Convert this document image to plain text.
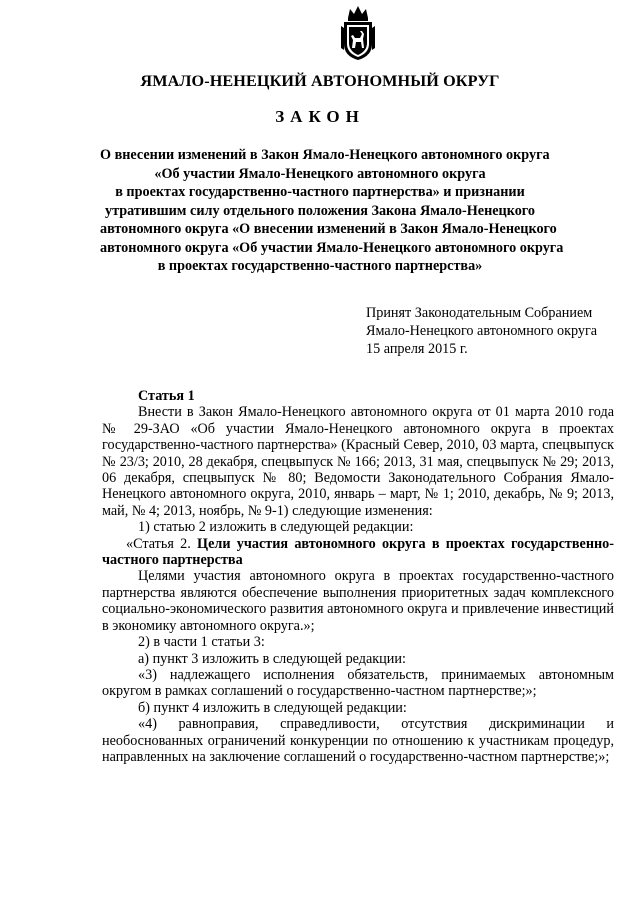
ЯМАЛО-НЕНЕЦКИЙ АВТОНОМНЫЙ ОКРУГ
ЗАКОН
О внесении изменений в Закон Ямало-Ненецкого автономного округа
«Об участии Ямало-Ненецкого автономного округа
в проектах государственно-частного партнерства» и признании
утратившим силу отдельного положения Закона Ямало-Ненецкого
автономного округа «О внесении изменений в Закон Ямало-Ненецкого
автономного округа «Об участии Ямало-Ненецкого автономного округа
в проектах государственно-частного партнерства»
Принят Законодательным Собранием
Ямало-Ненецкого автономного округа
15 апреля 2015 г.
Статья 1

Внести в Закон Ямало-Ненецкого автономного округа от 01 марта 2010 года № 29-ЗАО «Об участии Ямало-Ненецкого автономного округа в проектах государственно-частного партнерства» (Красный Север, 2010, 03 марта, спецвыпуск № 23/3; 2010, 28 декабря, спецвыпуск № 166; 2013, 31 мая, спецвыпуск № 29; 2013, 06 декабря, спецвыпуск № 80; Ведомости Законодательного Собрания Ямало-Ненецкого автономного округа, 2010, январь – март, № 1; 2010, декабрь, № 9; 2013, май, № 4; 2013, ноябрь, № 9-1) следующие изменения:

1) статью 2 изложить в следующей редакции:

«Статья 2. Цели участия автономного округа в проектах государственно-частного партнерства

Целями участия автономного округа в проектах государственно-частного партнерства являются обеспечение выполнения приоритетных задач комплексного социально-экономического развития автономного округа и привлечение инвестиций в экономику автономного округа.»;

2) в части 1 статьи 3:

а) пункт 3 изложить в следующей редакции:

«3) надлежащего исполнения обязательств, принимаемых автономным округом в рамках соглашений о государственно-частном партнерстве;»;

б) пункт 4 изложить в следующей редакции:

«4) равноправия, справедливости, отсутствия дискриминации и необоснованных ограничений конкуренции по отношению к участникам процедур, направленных на заключение соглашений о государственно-частном партнерстве;»;
